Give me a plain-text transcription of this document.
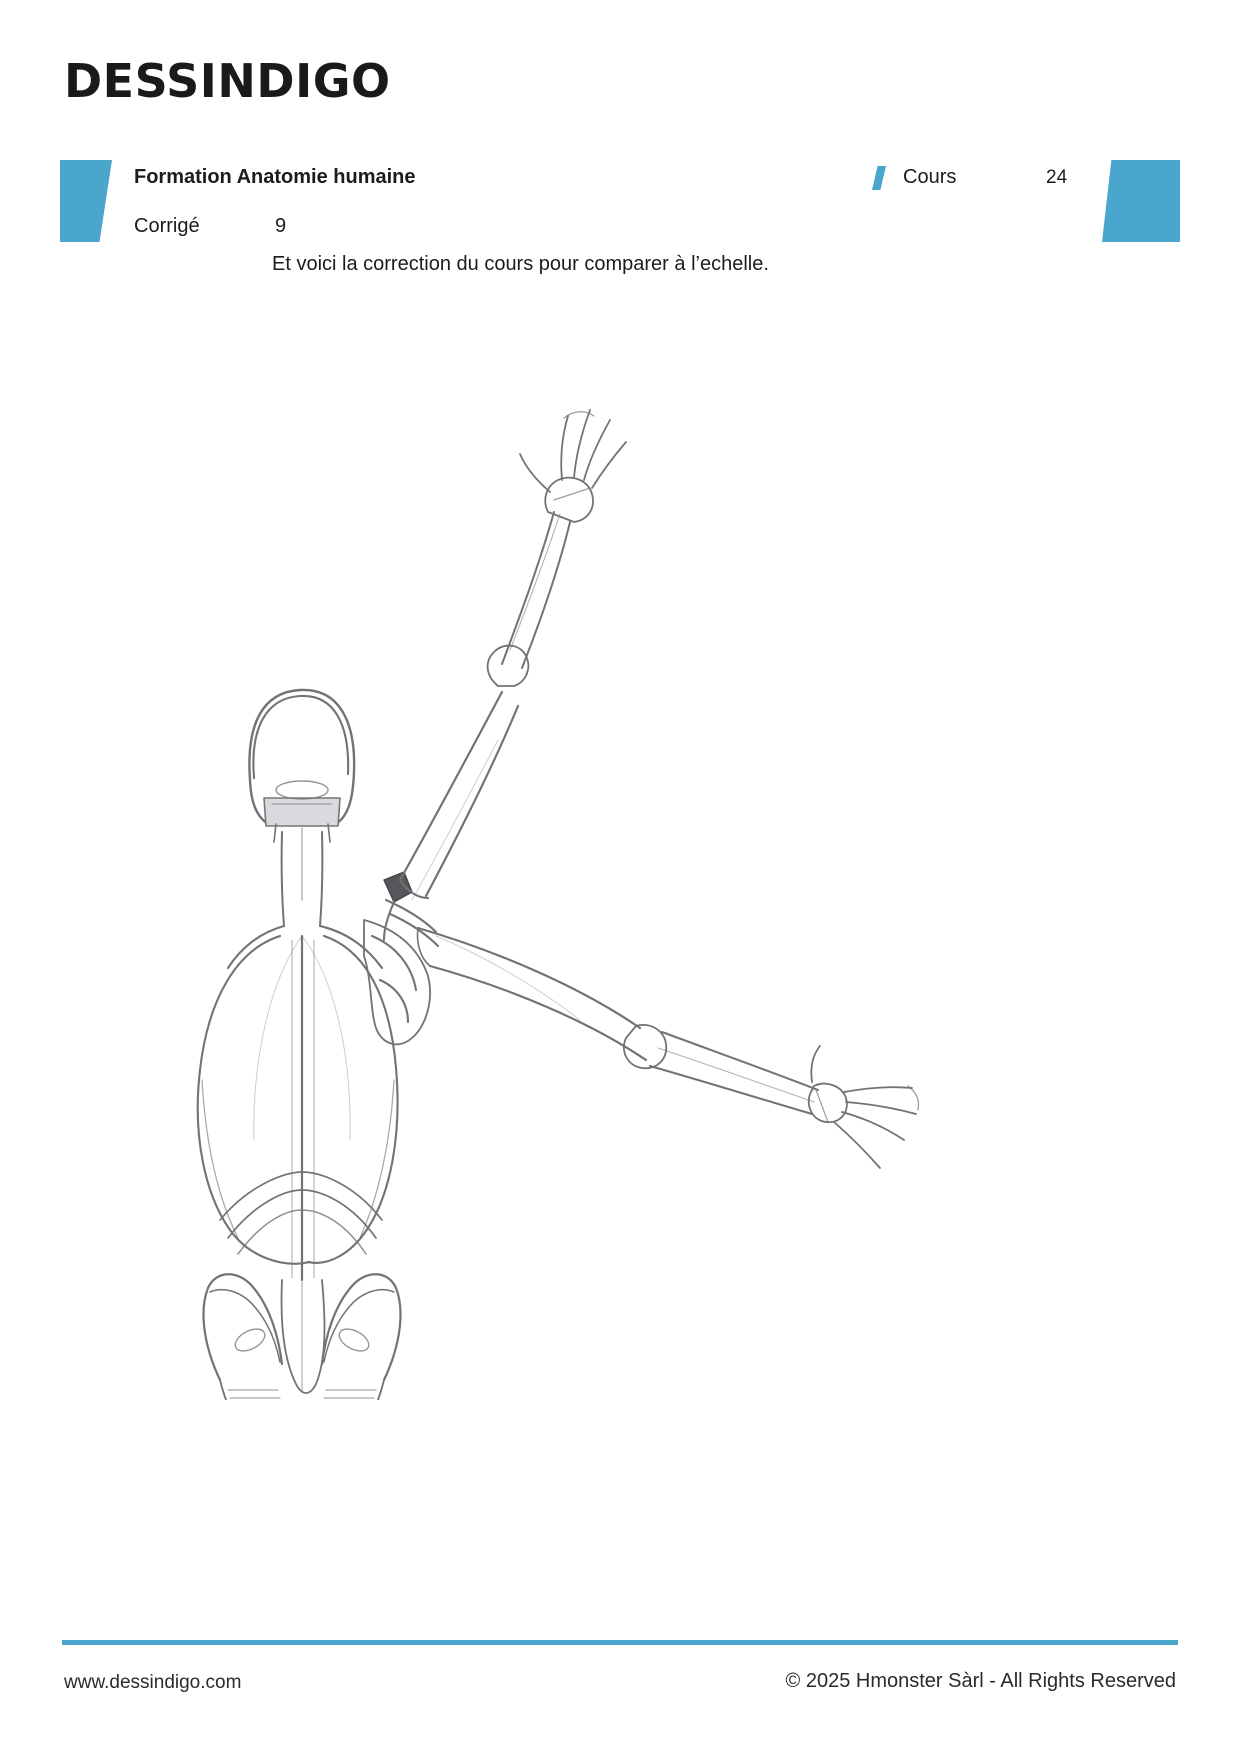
DESSINDIGO
Formation Anatomie humaine
Corrigé	9
Cours	24
Et voici la correction du cours pour comparer à l’echelle.
www.dessindigo.com	© 2025 Hmonster Sàrl - All Rights Reserved
